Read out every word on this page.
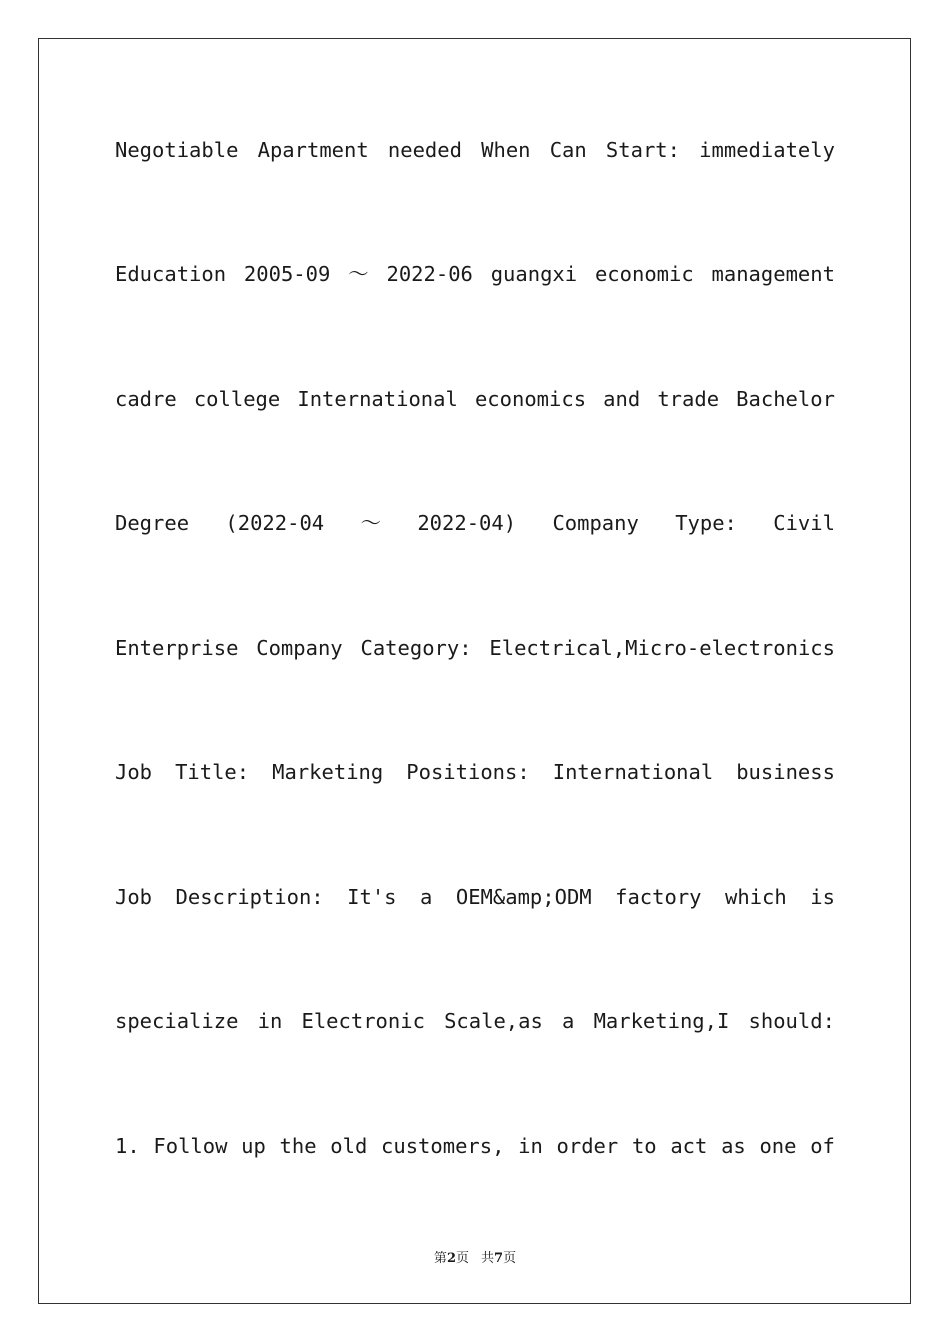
Negotiable Apartment needed When Can Start: immediately
Education 2005-09 ～ 2022-06 guangxi economic management
cadre college International economics and trade Bachelor
Degree (2022-04 ～ 2022-04) Company Type: Civil
Enterprise Company Category: Electrical,Micro-electronics
Job Title: Marketing Positions: International business
Job Description: It's a OEM&amp;ODM factory which is
specialize in Electronic Scale,as a Marketing,I should:
1. Follow up the old customers, in order to act as one of
第2页 共7页
